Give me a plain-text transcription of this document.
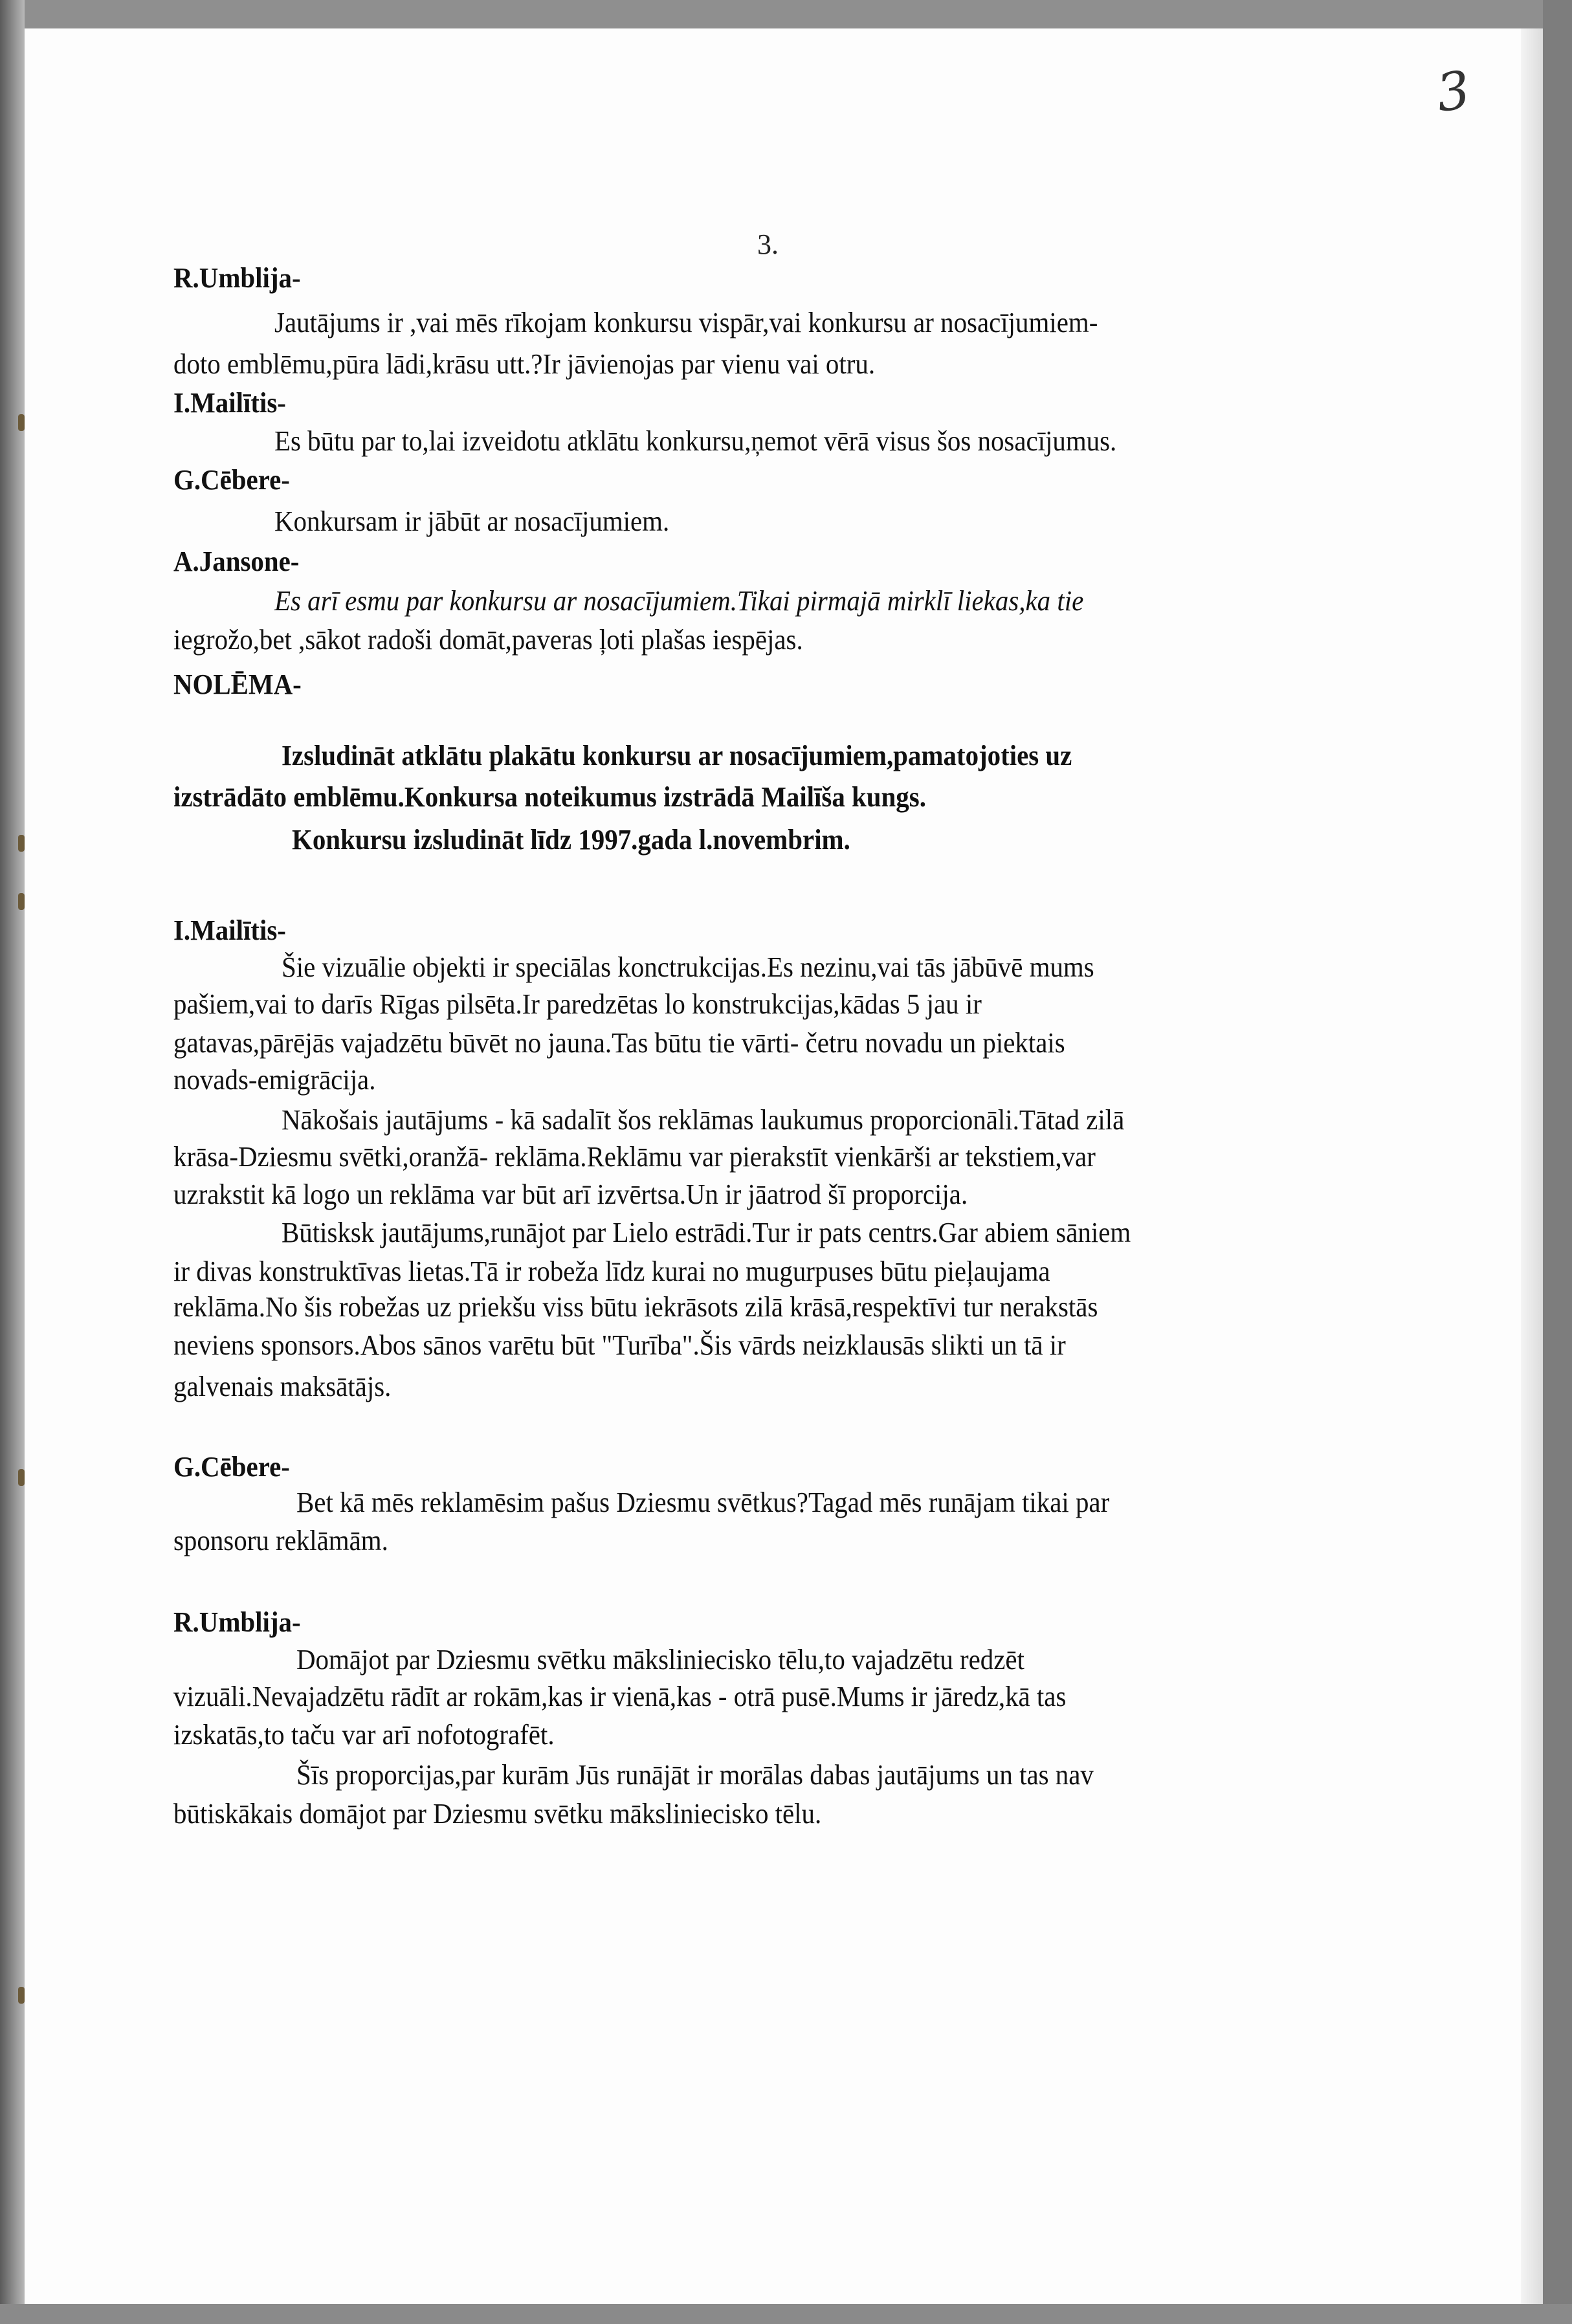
3
3.
R.Umblija-
Jautājums ir ,vai mēs rīkojam konkursu vispār,vai konkursu ar nosacījumiem-
doto emblēmu,pūra lādi,krāsu utt.?Ir jāvienojas par vienu vai otru.
I.Mailītis-
Es būtu par to,lai izveidotu atklātu konkursu,ņemot vērā visus šos nosacījumus.
G.Cēbere-
Konkursam ir jābūt ar nosacījumiem.
A.Jansone-
Es arī esmu par konkursu ar nosacījumiem.Tikai pirmajā mirklī liekas,ka tie
iegrožo,bet ,sākot radoši domāt,paveras ļoti plašas iespējas.
NOLĒMA-
Izsludināt atklātu plakātu konkursu ar nosacījumiem,pamatojoties uz
izstrādāto emblēmu.Konkursa noteikumus izstrādā Mailīša kungs.
Konkursu izsludināt līdz 1997.gada l.novembrim.
I.Mailītis-
Šie vizuālie objekti ir speciālas konctrukcijas.Es nezinu,vai tās jābūvē mums
pašiem,vai to darīs Rīgas pilsēta.Ir paredzētas lo konstrukcijas,kādas 5 jau ir
gatavas,pārējās vajadzētu būvēt no jauna.Tas būtu tie vārti- četru novadu un piektais
novads-emigrācija.
Nākošais jautājums - kā sadalīt šos reklāmas laukumus proporcionāli.Tātad zilā
krāsa-Dziesmu svētki,oranžā- reklāma.Reklāmu var pierakstīt vienkārši ar tekstiem,var
uzrakstit kā logo un reklāma var būt arī izvērtsa.Un ir jāatrod šī proporcija.
Būtisksk jautājums,runājot par Lielo estrādi.Tur ir pats centrs.Gar abiem sāniem
ir divas konstruktīvas lietas.Tā ir robeža līdz kurai no mugurpuses būtu pieļaujama
reklāma.No šis robežas uz priekšu viss būtu iekrāsots zilā krāsā,respektīvi tur nerakstās
neviens sponsors.Abos sānos varētu būt "Turība".Šis vārds neizklausās slikti un tā ir
galvenais maksātājs.
G.Cēbere-
Bet kā mēs reklamēsim pašus Dziesmu svētkus?Tagad mēs runājam tikai par
sponsoru reklāmām.
R.Umblija-
Domājot par Dziesmu svētku māksliniecisko tēlu,to vajadzētu redzēt
vizuāli.Nevajadzētu rādīt ar rokām,kas ir vienā,kas - otrā pusē.Mums ir jāredz,kā tas
izskatās,to taču var arī nofotografēt.
Šīs proporcijas,par kurām Jūs runājāt ir morālas dabas jautājums un tas nav
būtiskākais domājot par Dziesmu svētku māksliniecisko tēlu.
